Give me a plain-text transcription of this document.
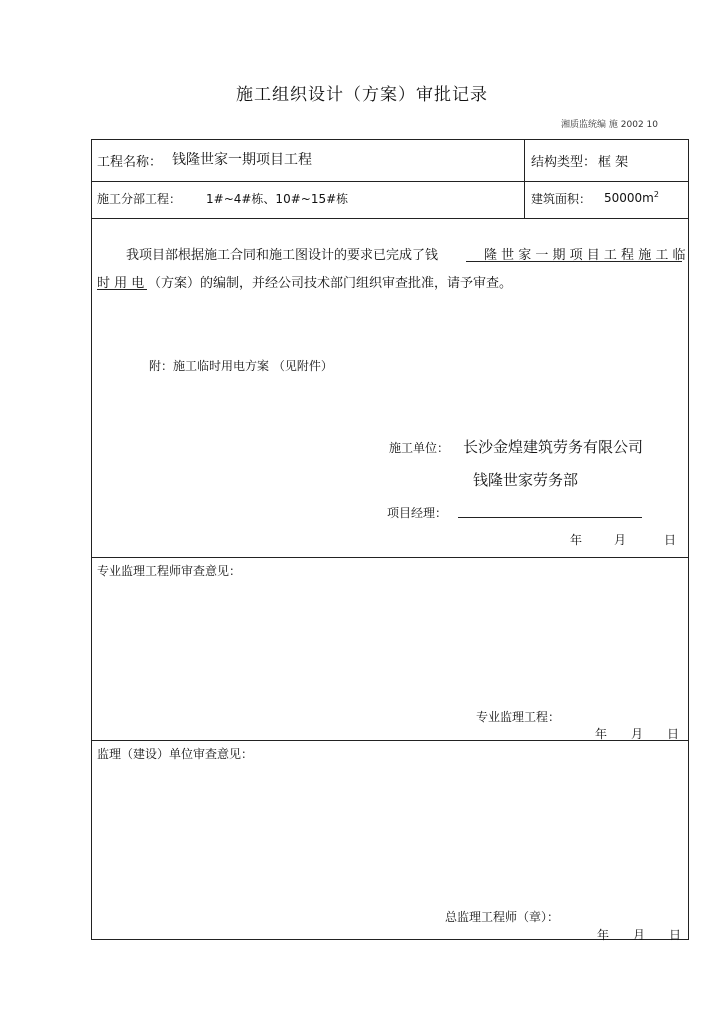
施工组织设计（方案）审批记录
湘质监统编 施 2002 10
工程名称： 钱隆世家一期项目工程	结构类型： 框 架
施工分部工程： 1#~4#栋、10#~15#栋	建筑面积： $50000m^2$
我项目部根据施工合同和施工图设计的要求已完成了钱	隆 世 家 一 期 项 目 工 程 施 工 临
时 用 电 （方案）的编制，并经公司技术部门组织审查批准，请予审查。
附：施工临时用电方案 （见附件）
施工单位： 长沙金煌建筑劳务有限公司
钱隆世家劳务部
项目经理：
年	月	日
专业监理工程师审查意见：
专业监理工程：
年 月 日
监理（建设）单位审查意见：
总监理工程师（章）：
年 月 日
